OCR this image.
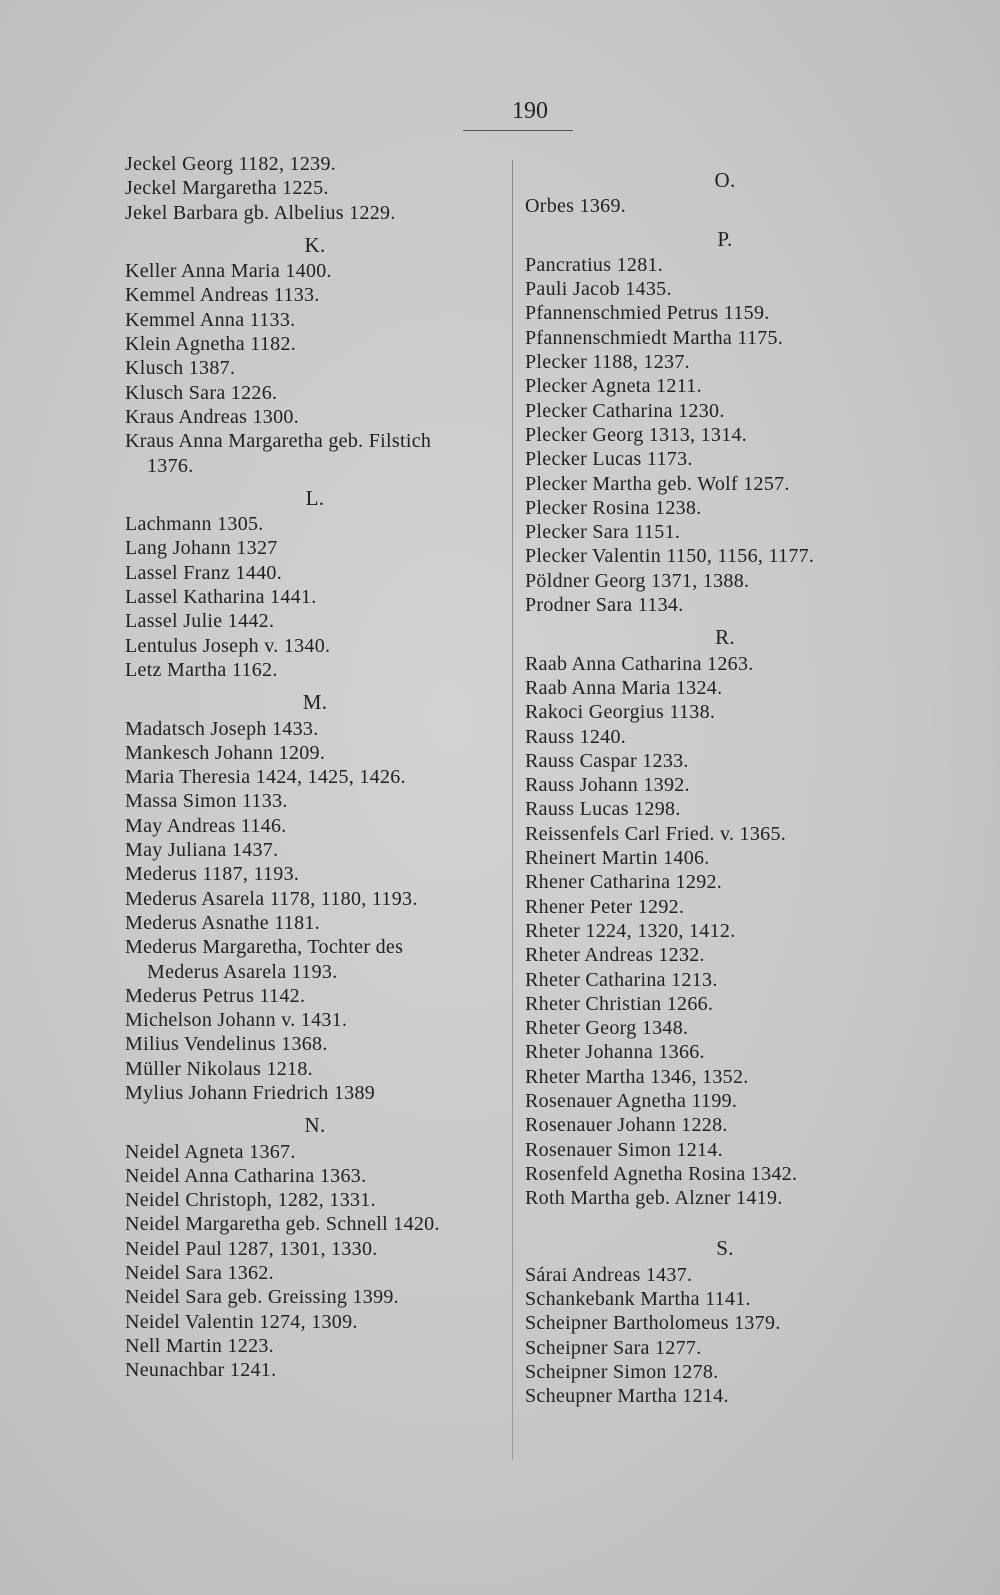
190
Jeckel Georg 1182, 1239.
Jeckel Margaretha 1225.
Jekel Barbara gb. Albelius 1229.
K.
Keller Anna Maria 1400.
Kemmel Andreas 1133.
Kemmel Anna 1133.
Klein Agnetha 1182.
Klusch 1387.
Klusch Sara 1226.
Kraus Andreas 1300.
Kraus Anna Margaretha geb. Filstich
1376.
L.
Lachmann 1305.
Lang Johann 1327
Lassel Franz 1440.
Lassel Katharina 1441.
Lassel Julie 1442.
Lentulus Joseph v. 1340.
Letz Martha 1162.
M.
Madatsch Joseph 1433.
Mankesch Johann 1209.
Maria Theresia 1424, 1425, 1426.
Massa Simon 1133.
May Andreas 1146.
May Juliana 1437.
Mederus 1187, 1193.
Mederus Asarela 1178, 1180, 1193.
Mederus Asnathe 1181.
Mederus Margaretha, Tochter des
Mederus Asarela 1193.
Mederus Petrus 1142.
Michelson Johann v. 1431.
Milius Vendelinus 1368.
Müller Nikolaus 1218.
Mylius Johann Friedrich 1389
N.
Neidel Agneta 1367.
Neidel Anna Catharina 1363.
Neidel Christoph, 1282, 1331.
Neidel Margaretha geb. Schnell 1420.
Neidel Paul 1287, 1301, 1330.
Neidel Sara 1362.
Neidel Sara geb. Greissing 1399.
Neidel Valentin 1274, 1309.
Nell Martin 1223.
Neunachbar 1241.
O.
Orbes 1369.
P.
Pancratius 1281.
Pauli Jacob 1435.
Pfannenschmied Petrus 1159.
Pfannenschmiedt Martha 1175.
Plecker 1188, 1237.
Plecker Agneta 1211.
Plecker Catharina 1230.
Plecker Georg 1313, 1314.
Plecker Lucas 1173.
Plecker Martha geb. Wolf 1257.
Plecker Rosina 1238.
Plecker Sara 1151.
Plecker Valentin 1150, 1156, 1177.
Pöldner Georg 1371, 1388.
Prodner Sara 1134.
R.
Raab Anna Catharina 1263.
Raab Anna Maria 1324.
Rakoci Georgius 1138.
Rauss 1240.
Rauss Caspar 1233.
Rauss Johann 1392.
Rauss Lucas 1298.
Reissenfels Carl Fried. v. 1365.
Rheinert Martin 1406.
Rhener Catharina 1292.
Rhener Peter 1292.
Rheter 1224, 1320, 1412.
Rheter Andreas 1232.
Rheter Catharina 1213.
Rheter Christian 1266.
Rheter Georg 1348.
Rheter Johanna 1366.
Rheter Martha 1346, 1352.
Rosenauer Agnetha 1199.
Rosenauer Johann 1228.
Rosenauer Simon 1214.
Rosenfeld Agnetha Rosina 1342.
Roth Martha geb. Alzner 1419.
S.
Sárai Andreas 1437.
Schankebank Martha 1141.
Scheipner Bartholomeus 1379.
Scheipner Sara 1277.
Scheipner Simon 1278.
Scheupner Martha 1214.
